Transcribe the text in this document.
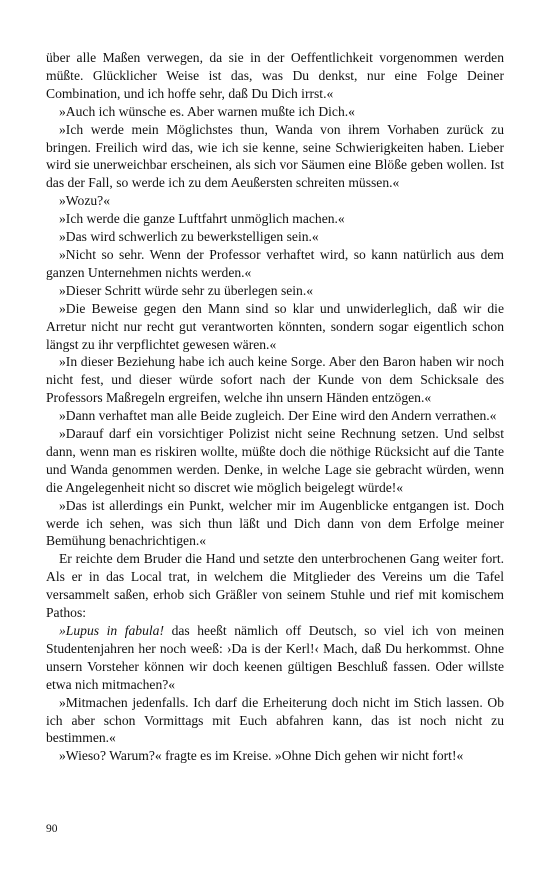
über alle Maßen verwegen, da sie in der Oeffentlichkeit vorgenommen werden müßte. Glücklicher Weise ist das, was Du denkst, nur eine Folge Deiner Combination, und ich hoffe sehr, daß Du Dich irrst.«

»Auch ich wünsche es. Aber warnen mußte ich Dich.«

»Ich werde mein Möglichstes thun, Wanda von ihrem Vorhaben zurück zu bringen. Freilich wird das, wie ich sie kenne, seine Schwierigkeiten haben. Lieber wird sie unerweichbar erscheinen, als sich vor Säumen eine Blöße geben wollen. Ist das der Fall, so werde ich zu dem Aeußersten schreiten müssen.«

»Wozu?«

»Ich werde die ganze Luftfahrt unmöglich machen.«

»Das wird schwerlich zu bewerkstelligen sein.«

»Nicht so sehr. Wenn der Professor verhaftet wird, so kann natürlich aus dem ganzen Unternehmen nichts werden.«

»Dieser Schritt würde sehr zu überlegen sein.«

»Die Beweise gegen den Mann sind so klar und unwiderleglich, daß wir die Arretur nicht nur recht gut verantworten könnten, sondern sogar eigentlich schon längst zu ihr verpflichtet gewesen wären.«

»In dieser Beziehung habe ich auch keine Sorge. Aber den Baron haben wir noch nicht fest, und dieser würde sofort nach der Kunde von dem Schicksale des Professors Maßregeln ergreifen, welche ihn unsern Händen entzögen.«

»Dann verhaftet man alle Beide zugleich. Der Eine wird den Andern verrathen.«

»Darauf darf ein vorsichtiger Polizist nicht seine Rechnung setzen. Und selbst dann, wenn man es riskiren wollte, müßte doch die nöthige Rücksicht auf die Tante und Wanda genommen werden. Denke, in welche Lage sie gebracht würden, wenn die Angelegenheit nicht so discret wie möglich beigelegt würde!«

»Das ist allerdings ein Punkt, welcher mir im Augenblicke entgangen ist. Doch werde ich sehen, was sich thun läßt und Dich dann von dem Erfolge meiner Bemühung benachrichtigen.«

Er reichte dem Bruder die Hand und setzte den unterbrochenen Gang weiter fort. Als er in das Local trat, in welchem die Mitglieder des Vereins um die Tafel versammelt saßen, erhob sich Gräßler von seinem Stuhle und rief mit komischem Pathos:

»Lupus in fabula! das heeßt nämlich off Deutsch, so viel ich von meinen Studentenjahren her noch weeß: ›Da is der Kerl!‹ Mach, daß Du herkommst. Ohne unsern Vorsteher können wir doch keenen gültigen Beschluß fassen. Oder willste etwa nich mitmachen?«

»Mitmachen jedenfalls. Ich darf die Erheiterung doch nicht im Stich lassen. Ob ich aber schon Vormittags mit Euch abfahren kann, das ist noch nicht zu bestimmen.«

»Wieso? Warum?« fragte es im Kreise. »Ohne Dich gehen wir nicht fort!«

90
